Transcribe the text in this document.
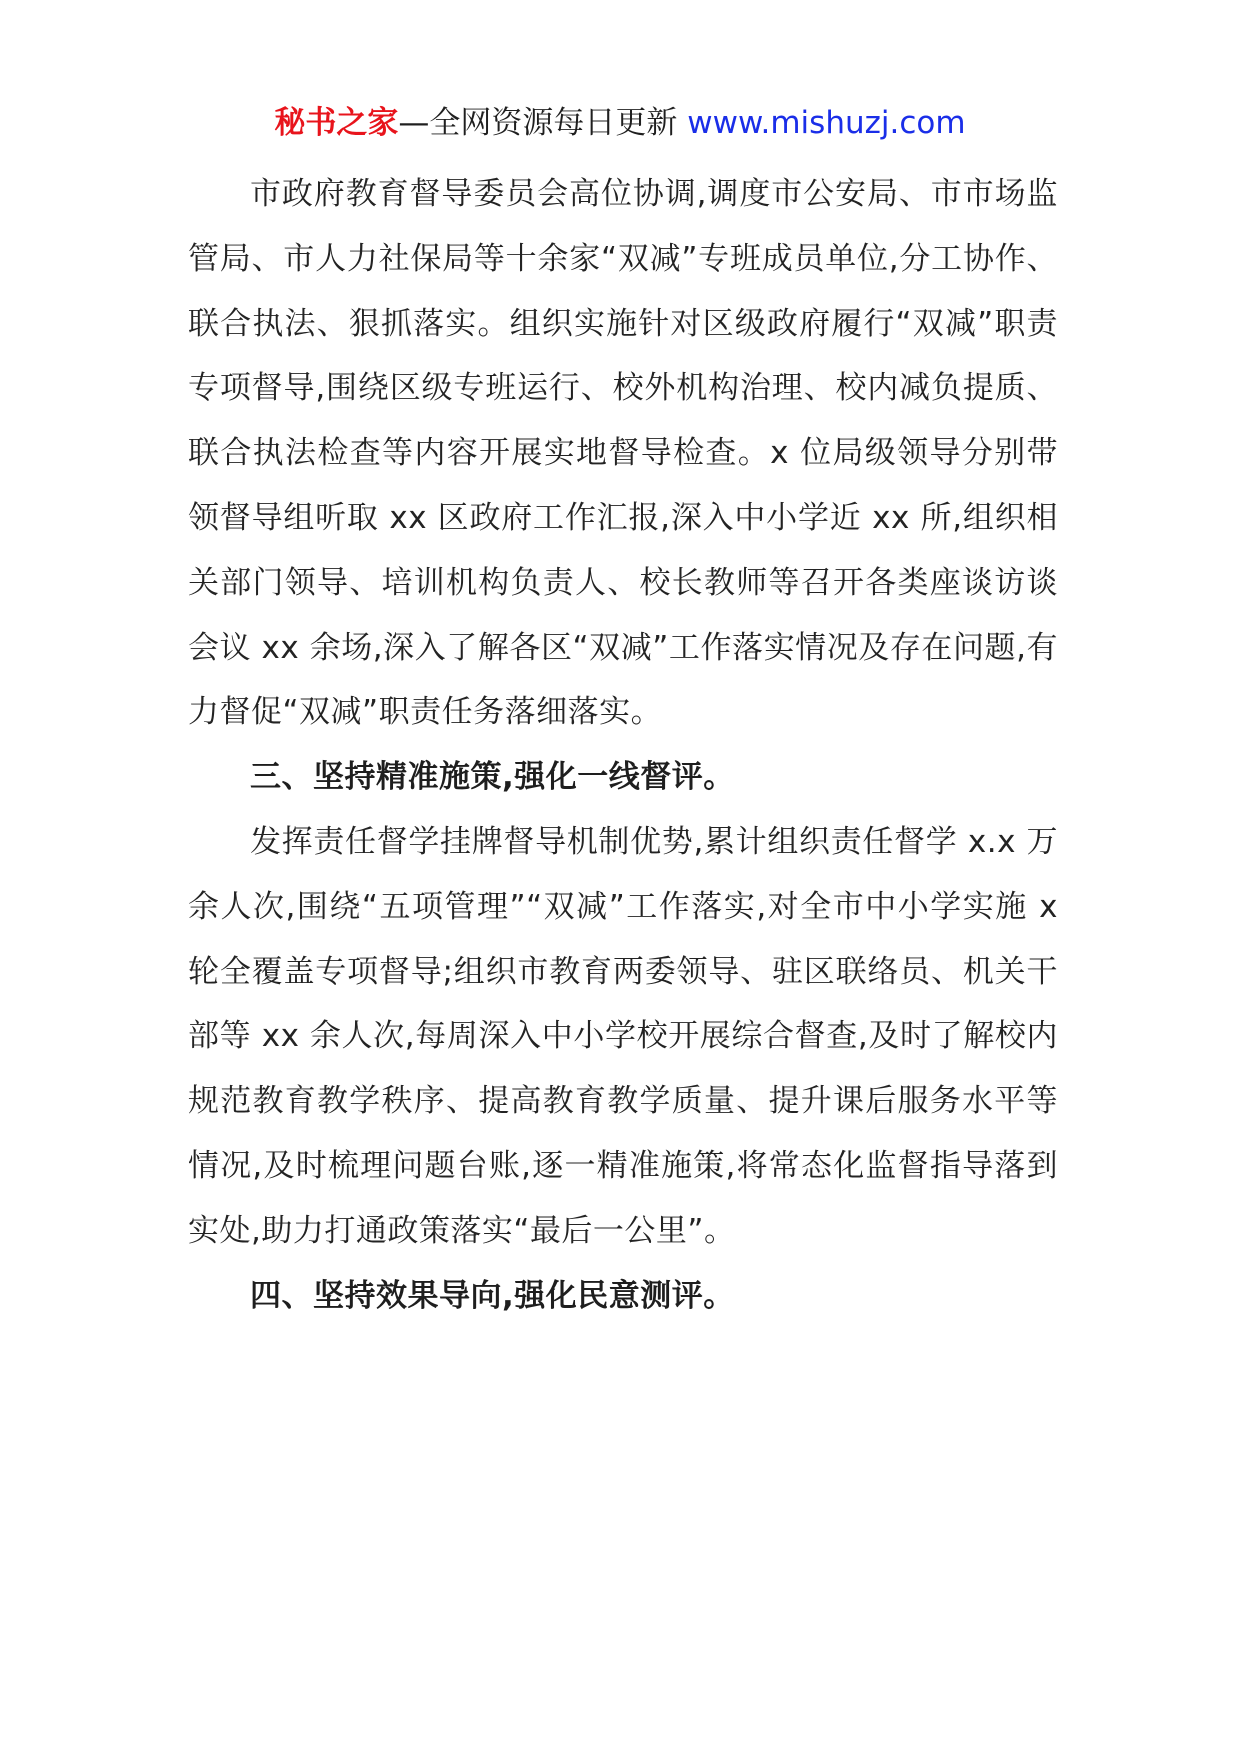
秘书之家—全网资源每日更新 www.mishuzj.com

市政府教育督导委员会高位协调,调度市公安局、市市场监管局、市人力社保局等十余家“双减”专班成员单位,分工协作、联合执法、狠抓落实。组织实施针对区级政府履行“双减”职责专项督导,围绕区级专班运行、校外机构治理、校内减负提质、联合执法检查等内容开展实地督导检查。x 位局级领导分别带领督导组听取 xx 区政府工作汇报,深入中小学近 xx 所,组织相关部门领导、培训机构负责人、校长教师等召开各类座谈访谈会议 xx 余场,深入了解各区“双减”工作落实情况及存在问题,有力督促“双减”职责任务落细落实。

三、坚持精准施策,强化一线督评。

发挥责任督学挂牌督导机制优势,累计组织责任督学 x.x 万余人次,围绕“五项管理”“双减”工作落实,对全市中小学实施 x 轮全覆盖专项督导;组织市教育两委领导、驻区联络员、机关干部等 xx 余人次,每周深入中小学校开展综合督查,及时了解校内规范教育教学秩序、提高教育教学质量、提升课后服务水平等情况,及时梳理问题台账,逐一精准施策,将常态化监督指导落到实处,助力打通政策落实“最后一公里”。

四、坚持效果导向,强化民意测评。
